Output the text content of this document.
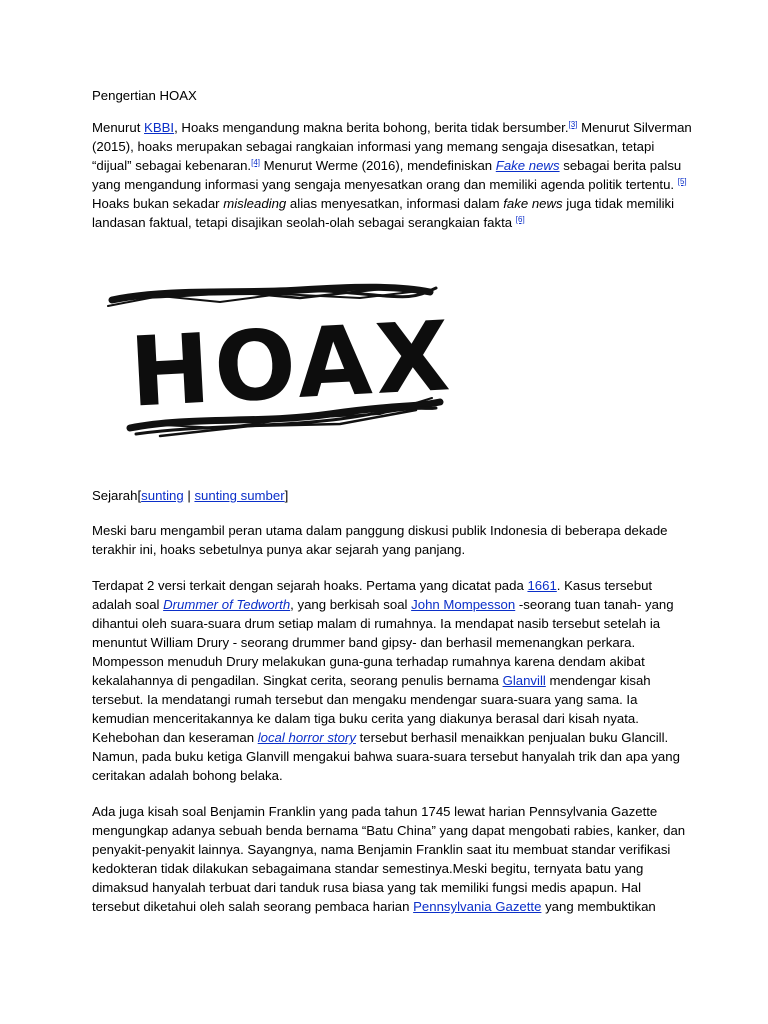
Pengertian HOAX

Menurut KBBI, Hoaks mengandung makna berita bohong, berita tidak bersumber.[3] Menurut Silverman (2015), hoaks merupakan sebagai rangkaian informasi yang memang sengaja disesatkan, tetapi “dijual” sebagai kebenaran.[4] Menurut Werme (2016), mendefiniskan Fake news sebagai berita palsu yang mengandung informasi yang sengaja menyesatkan orang dan memiliki agenda politik tertentu. [5] Hoaks bukan sekadar misleading alias menyesatkan, informasi dalam fake news juga tidak memiliki landasan faktual, tetapi disajikan seolah-olah sebagai serangkaian fakta [6]

HOAX

Sejarah[sunting | sunting sumber]

Meski baru mengambil peran utama dalam panggung diskusi publik Indonesia di beberapa dekade terakhir ini, hoaks sebetulnya punya akar sejarah yang panjang.

Terdapat 2 versi terkait dengan sejarah hoaks. Pertama yang dicatat pada 1661. Kasus tersebut adalah soal Drummer of Tedworth, yang berkisah soal John Mompesson -seorang tuan tanah- yang dihantui oleh suara-suara drum setiap malam di rumahnya. Ia mendapat nasib tersebut setelah ia menuntut William Drury - seorang drummer band gipsy- dan berhasil memenangkan perkara. Mompesson menuduh Drury melakukan guna-guna terhadap rumahnya karena dendam akibat kekalahannya di pengadilan. Singkat cerita, seorang penulis bernama Glanvill mendengar kisah tersebut. Ia mendatangi rumah tersebut dan mengaku mendengar suara-suara yang sama. Ia kemudian menceritakannya ke dalam tiga buku cerita yang diakunya berasal dari kisah nyata. Kehebohan dan keseraman local horror story tersebut berhasil menaikkan penjualan buku Glancill. Namun, pada buku ketiga Glanvill mengakui bahwa suara-suara tersebut hanyalah trik dan apa yang ceritakan adalah bohong belaka.

Ada juga kisah soal Benjamin Franklin yang pada tahun 1745 lewat harian Pennsylvania Gazette mengungkap adanya sebuah benda bernama “Batu China” yang dapat mengobati rabies, kanker, dan penyakit-penyakit lainnya. Sayangnya, nama Benjamin Franklin saat itu membuat standar verifikasi kedokteran tidak dilakukan sebagaimana standar semestinya.Meski begitu, ternyata batu yang dimaksud hanyalah terbuat dari tanduk rusa biasa yang tak memiliki fungsi medis apapun. Hal tersebut diketahui oleh salah seorang pembaca harian Pennsylvania Gazette yang membuktikan
